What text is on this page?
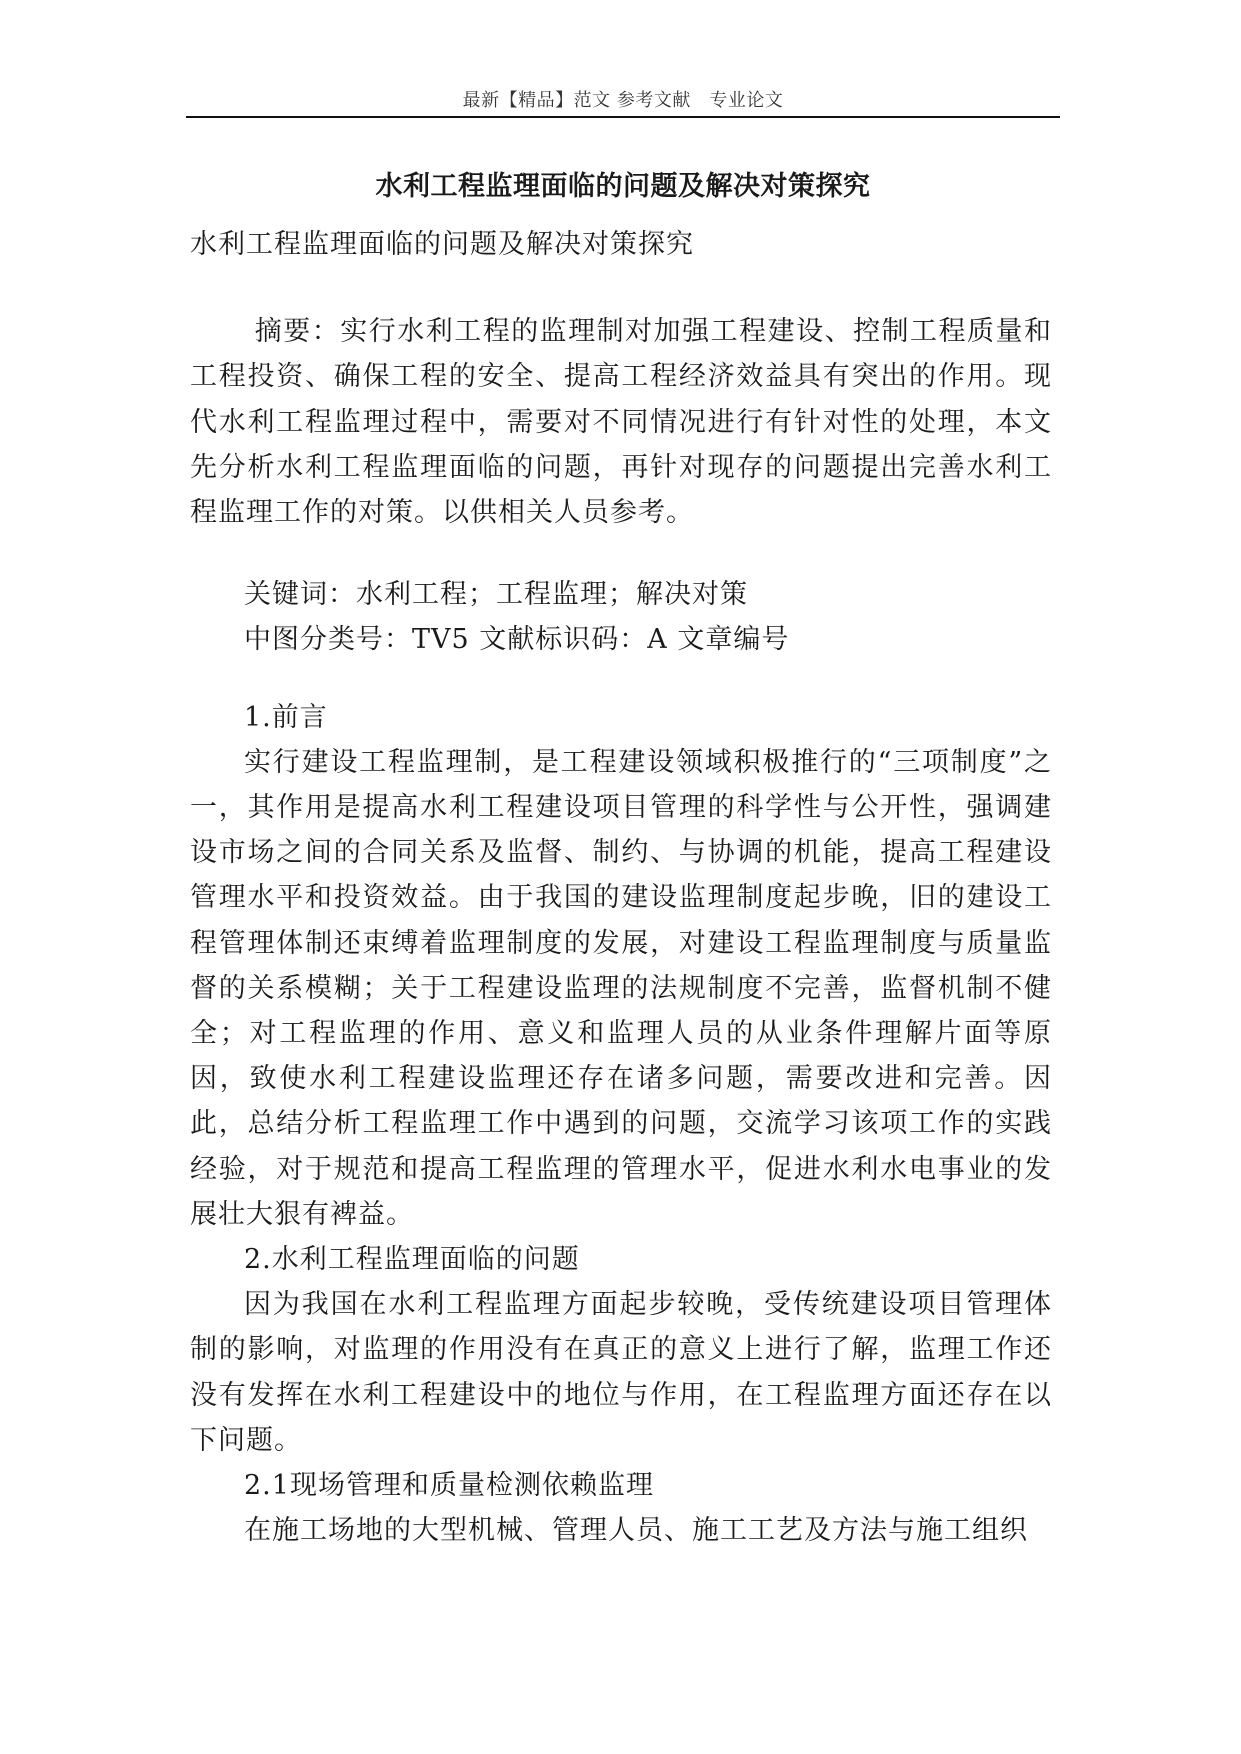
最新【精品】范文 参考文献　专业论文
水利工程监理面临的问题及解决对策探究

水利工程监理面临的问题及解决对策探究

摘要：实行水利工程的监理制对加强工程建设、控制工程质量和工程投资、确保工程的安全、提高工程经济效益具有突出的作用。现代水利工程监理过程中，需要对不同情况进行有针对性的处理，本文先分析水利工程监理面临的问题，再针对现存的问题提出完善水利工程监理工作的对策。以供相关人员参考。

关键词：水利工程；工程监理；解决对策

中图分类号：TV5 文献标识码：A 文章编号

1.前言

实行建设工程监理制，是工程建设领域积极推行的“三项制度”之一，其作用是提高水利工程建设项目管理的科学性与公开性，强调建设市场之间的合同关系及监督、制约、与协调的机能，提高工程建设管理水平和投资效益。由于我国的建设监理制度起步晚，旧的建设工程管理体制还束缚着监理制度的发展，对建设工程监理制度与质量监督的关系模糊；关于工程建设监理的法规制度不完善，监督机制不健全；对工程监理的作用、意义和监理人员的从业条件理解片面等原因，致使水利工程建设监理还存在诸多问题，需要改进和完善。因此，总结分析工程监理工作中遇到的问题，交流学习该项工作的实践经验，对于规范和提高工程监理的管理水平，促进水利水电事业的发展壮大狠有裨益。

2.水利工程监理面临的问题

因为我国在水利工程监理方面起步较晚，受传统建设项目管理体制的影响，对监理的作用没有在真正的意义上进行了解，监理工作还没有发挥在水利工程建设中的地位与作用，在工程监理方面还存在以下问题。

2.1现场管理和质量检测依赖监理

在施工场地的大型机械、管理人员、施工工艺及方法与施工组织
